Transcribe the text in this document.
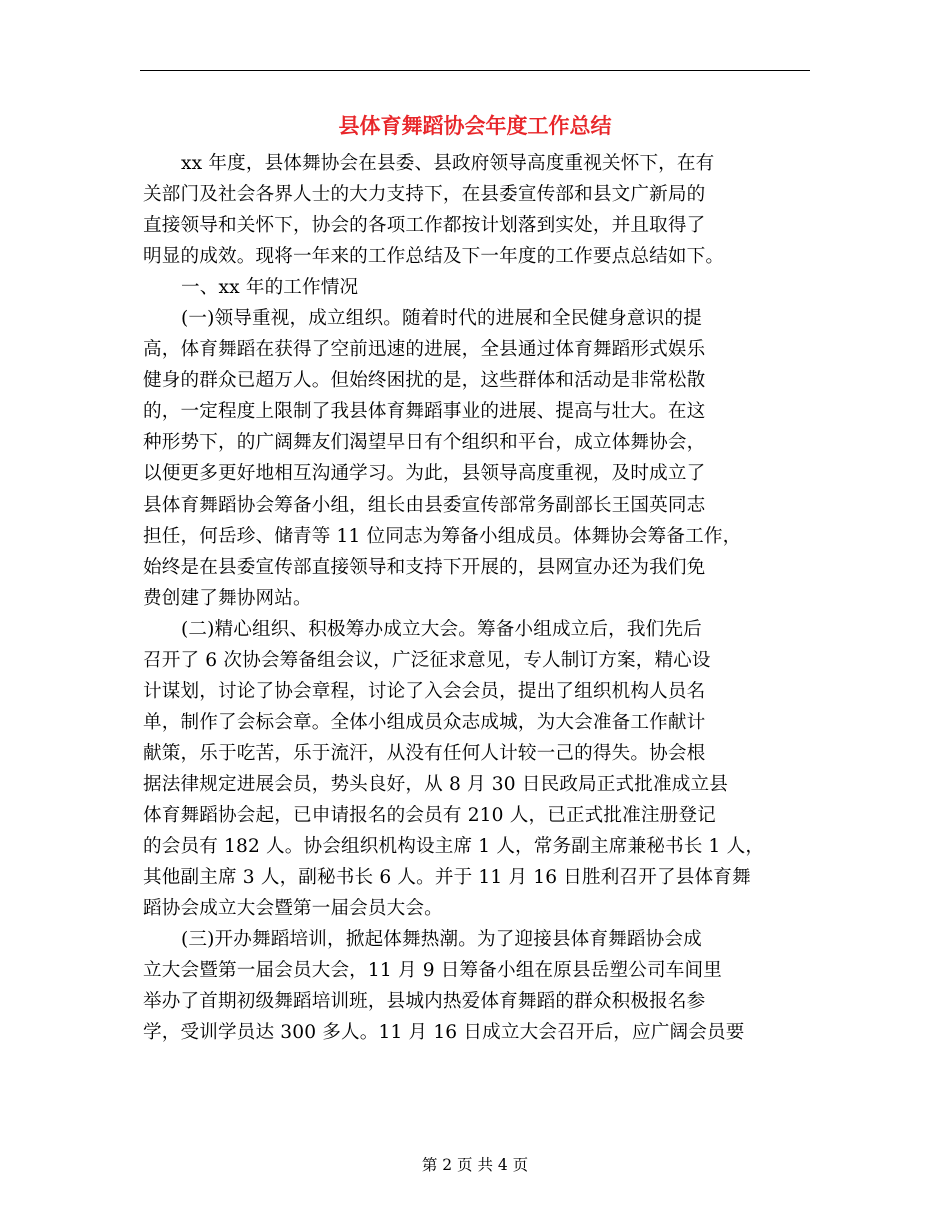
县体育舞蹈协会年度工作总结
xx 年度，县体舞协会在县委、县政府领导高度重视关怀下，在有
关部门及社会各界人士的大力支持下，在县委宣传部和县文广新局的
直接领导和关怀下，协会的各项工作都按计划落到实处，并且取得了
明显的成效。现将一年来的工作总结及下一年度的工作要点总结如下。
一、xx 年的工作情况
(一)领导重视，成立组织。随着时代的进展和全民健身意识的提
高，体育舞蹈在获得了空前迅速的进展，全县通过体育舞蹈形式娱乐
健身的群众已超万人。但始终困扰的是，这些群体和活动是非常松散
的，一定程度上限制了我县体育舞蹈事业的进展、提高与壮大。在这
种形势下，的广阔舞友们渴望早日有个组织和平台，成立体舞协会，
以便更多更好地相互沟通学习。为此，县领导高度重视，及时成立了
县体育舞蹈协会筹备小组，组长由县委宣传部常务副部长王国英同志
担任，何岳珍、储青等 11 位同志为筹备小组成员。体舞协会筹备工作，
始终是在县委宣传部直接领导和支持下开展的，县网宣办还为我们免
费创建了舞协网站。
(二)精心组织、积极筹办成立大会。筹备小组成立后，我们先后
召开了 6 次协会筹备组会议，广泛征求意见，专人制订方案，精心设
计谋划，讨论了协会章程，讨论了入会会员，提出了组织机构人员名
单，制作了会标会章。全体小组成员众志成城，为大会准备工作献计
献策，乐于吃苦，乐于流汗，从没有任何人计较一己的得失。协会根
据法律规定进展会员，势头良好，从 8 月 30 日民政局正式批准成立县
体育舞蹈协会起，已申请报名的会员有 210 人，已正式批准注册登记
的会员有 182 人。协会组织机构设主席 1 人，常务副主席兼秘书长 1 人，
其他副主席 3 人，副秘书长 6 人。并于 11 月 16 日胜利召开了县体育舞
蹈协会成立大会暨第一届会员大会。
(三)开办舞蹈培训，掀起体舞热潮。为了迎接县体育舞蹈协会成
立大会暨第一届会员大会，11 月 9 日筹备小组在原县岳塑公司车间里
举办了首期初级舞蹈培训班，县城内热爱体育舞蹈的群众积极报名参
学，受训学员达 300 多人。11 月 16 日成立大会召开后，应广阔会员要
第 2 页 共 4 页
